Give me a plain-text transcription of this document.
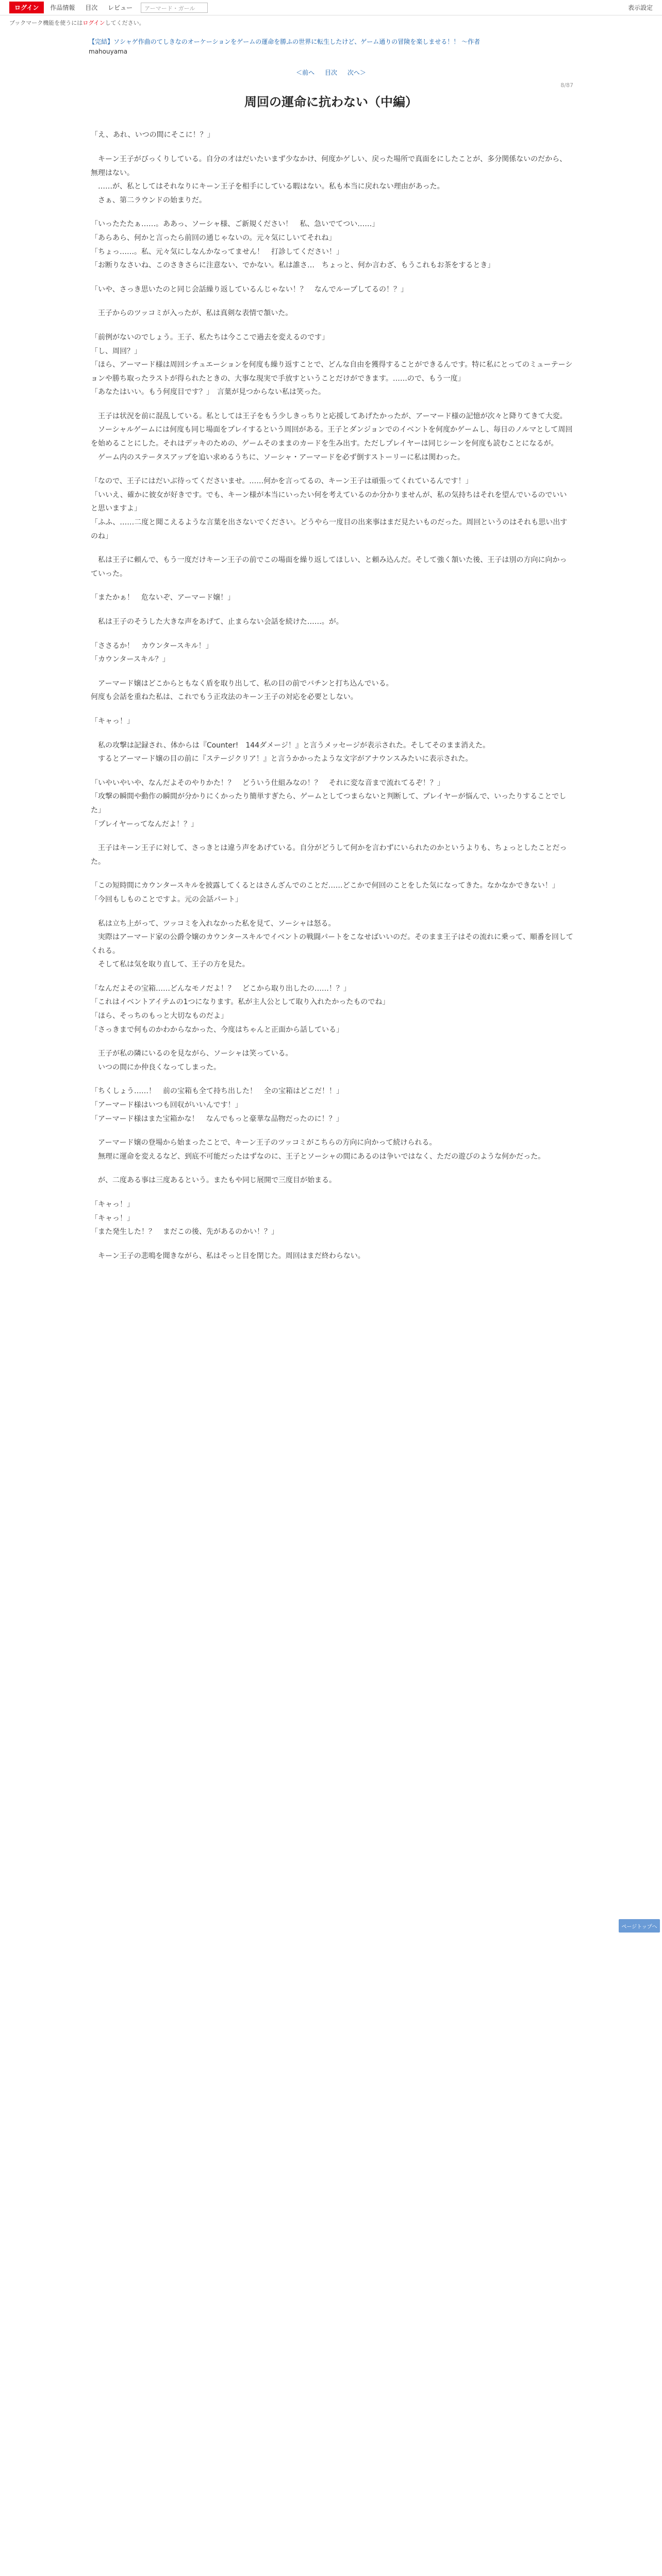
ログイン	作品情報 目次 レビュー	アーマード・ガール	表示設定
ブックマーク機能を使うにはログインしてください。
【完結】ソシャゲ作曲のてしきなのオーケーションをゲームの運命を勝ふの世界に転生したけど、ゲーム通りの冒険を楽しませる！！ ～作者
mahouyama
＜前へ 目次 次へ＞
8/87
周回の運命に抗わない（中編）

「え、あれ、いつの間にそこに！？」

　キーン王子がびっくりしている。自分の才はだいたいまず少なかけ、何度かゲしい、戻った場所で真面をにしたことが、多分関係ないのだから、無理はない。
　……が、私としてはそれなりにキーン王子を相手にしている暇はない。私も本当に戻れない理由があった。
　さぁ、第二ラウンドの始まりだ。

「いったたたぁ……。ああっ、ソーシャ様、ご新規ください！　私、急いでてつい……」
「あらあら、何かと言ったら前回の通じゃないの。元々気にしいてそれね」
「ちょっ……。私、元々気にしなんかなってません！　打診してください！」
「お断りなさいね、このさきさらに注意ない、でかない。私は誰さ…　ちょっと、何か言わざ、もうこれもお茶をするとき」

「いや、さっき思いたのと同じ会話繰り返しているんじゃない！？　なんでループしてるの！？」

　王子からのツッコミが入ったが、私は真剣な表情で頷いた。

「前例がないのでしょう。王子、私たちは今ここで過去を変えるのです」
「し、周回？」
「ほら、アーマード様は周回シチュエーションを何度も繰り返すことで、どんな自由を獲得することができるんです。特に私にとってのミューテーションや勝ち取ったラストが得られたときの、大事な現実で手放すということだけができます。……ので、もう一度」
「あなたはいい。もう何度目です？」　言葉が見つからない私は笑った。

　王子は状況を前に混乱している。私としては王子をもう少しきっちりと応援してあげたかったが、アーマード様の記憶が次々と降りてきて大変。
　ソーシャルゲームには何度も同じ場面をプレイするという周回がある。王子とダンジョンでのイベントを何度かゲームし、毎日のノルマとして周回を始めることにした。それはデッキのための、ゲームそのままのカードを生み出す。ただしプレイヤーは同じシーンを何度も読むことになるが。
　ゲーム内のステータスアップを追い求めるうちに、ソーシャ・アーマードを必ず倒すストーリーに私は関わった。

「なので、王子にはだいぶ待ってくださいませ。……何かを言ってるの、キーン王子は頑張ってくれているんです！」
「いいえ、確かに彼女が好きです。でも、キーン様が本当にいったい何を考えているのか分かりませんが、私の気持ちはそれを望んでいるのでいいと思いますよ」
「ふふ、……二度と聞こえるような言葉を出さないでください。どうやら一度目の出来事はまだ見たいものだった。周回というのはそれも思い出すのね」

　私は王子に頼んで、もう一度だけキーン王子の前でこの場面を繰り返してほしい、と頼み込んだ。そして強く頷いた後、王子は別の方向に向かっていった。

「またかぁ！　危ないぞ、アーマード嬢！」

　私は王子のそうした大きな声をあげて、止まらない会話を続けた……。が。

「ささるか！　カウンタースキル！」
「カウンタースキル？」

　アーマード嬢はどこからともなく盾を取り出して、私の目の前でバチンと打ち込んでいる。
何度も会話を重ねた私は、これでもう正攻法のキーン王子の対応を必要としない。

「キャっ！」

　私の攻撃は記録され、体からは『Counter!　144ダメージ！』と言うメッセージが表示された。そしてそのまま消えた。
　するとアーマード嬢の目の前に『ステージクリア！』と言うかかったような文字がアナウンスみたいに表示された。

「いやいやいや、なんだよそのやりかた！？　どういう仕組みなの！？　それに変な音まで流れてるぞ！？」
「攻撃の瞬間や動作の瞬間が分かりにくかったり簡単すぎたら、ゲームとしてつまらないと判断して、プレイヤーが悩んで、いったりすることでした」
「プレイヤーってなんだよ！？」

　王子はキーン王子に対して、さっきとは違う声をあげている。自分がどうして何かを言わずにいられたのかというよりも、ちょっとしたことだった。

「この短時間にカウンタースキルを披露してくるとはさんざんでのことだ……どこかで何回のことをした気になってきた。なかなかできない！」
「今回もしものことですよ。元の会話パート」

　私は立ち上がって、ツッコミを入れなかった私を見て、ソーシャは怒る。
　実際はアーマード家の公爵令嬢のカウンタースキルでイベントの戦闘パートをこなせばいいのだ。そのまま王子はその流れに乗って、順番を回してくれる。
　そして私は気を取り直して、王子の方を見た。

「なんだよその宝箱……どんなモノだよ！？　どこから取り出したの……！？」
「これはイベントアイテムの1つになります。私が主人公として取り入れたかったものでね」
「ほら、そっちのもっと大切なものだよ」
「さっきまで何ものかわからなかった、今度はちゃんと正面から話している」

　王子が私の隣にいるのを見ながら、ソーシャは笑っている。
　いつの間にか仲良くなってしまった。

「ちくしょう……！　前の宝箱も全て持ち出した！　全の宝箱はどこだ！！」
「アーマード様はいつも回収がいいんです！」
「アーマード様はまた宝箱かな！　なんでもっと豪華な品物だったのに！？」

　アーマード嬢の登場から始まったことで、キーン王子のツッコミがこちらの方向に向かって続けられる。
　無理に運命を変えるなど、到底不可能だったはずなのに、王子とソーシャの間にあるのは争いではなく、ただの遊びのような何かだった。

　が、二度ある事は三度あるという。またもや同じ展開で三度目が始まる。

「キャっ！」
「キャっ！」
「また発生した！？　まだこの後、先があるのかい！？」

　キーン王子の悲鳴を聞きながら、私はそっと目を閉じた。周回はまだ終わらない。

ページトップへ
